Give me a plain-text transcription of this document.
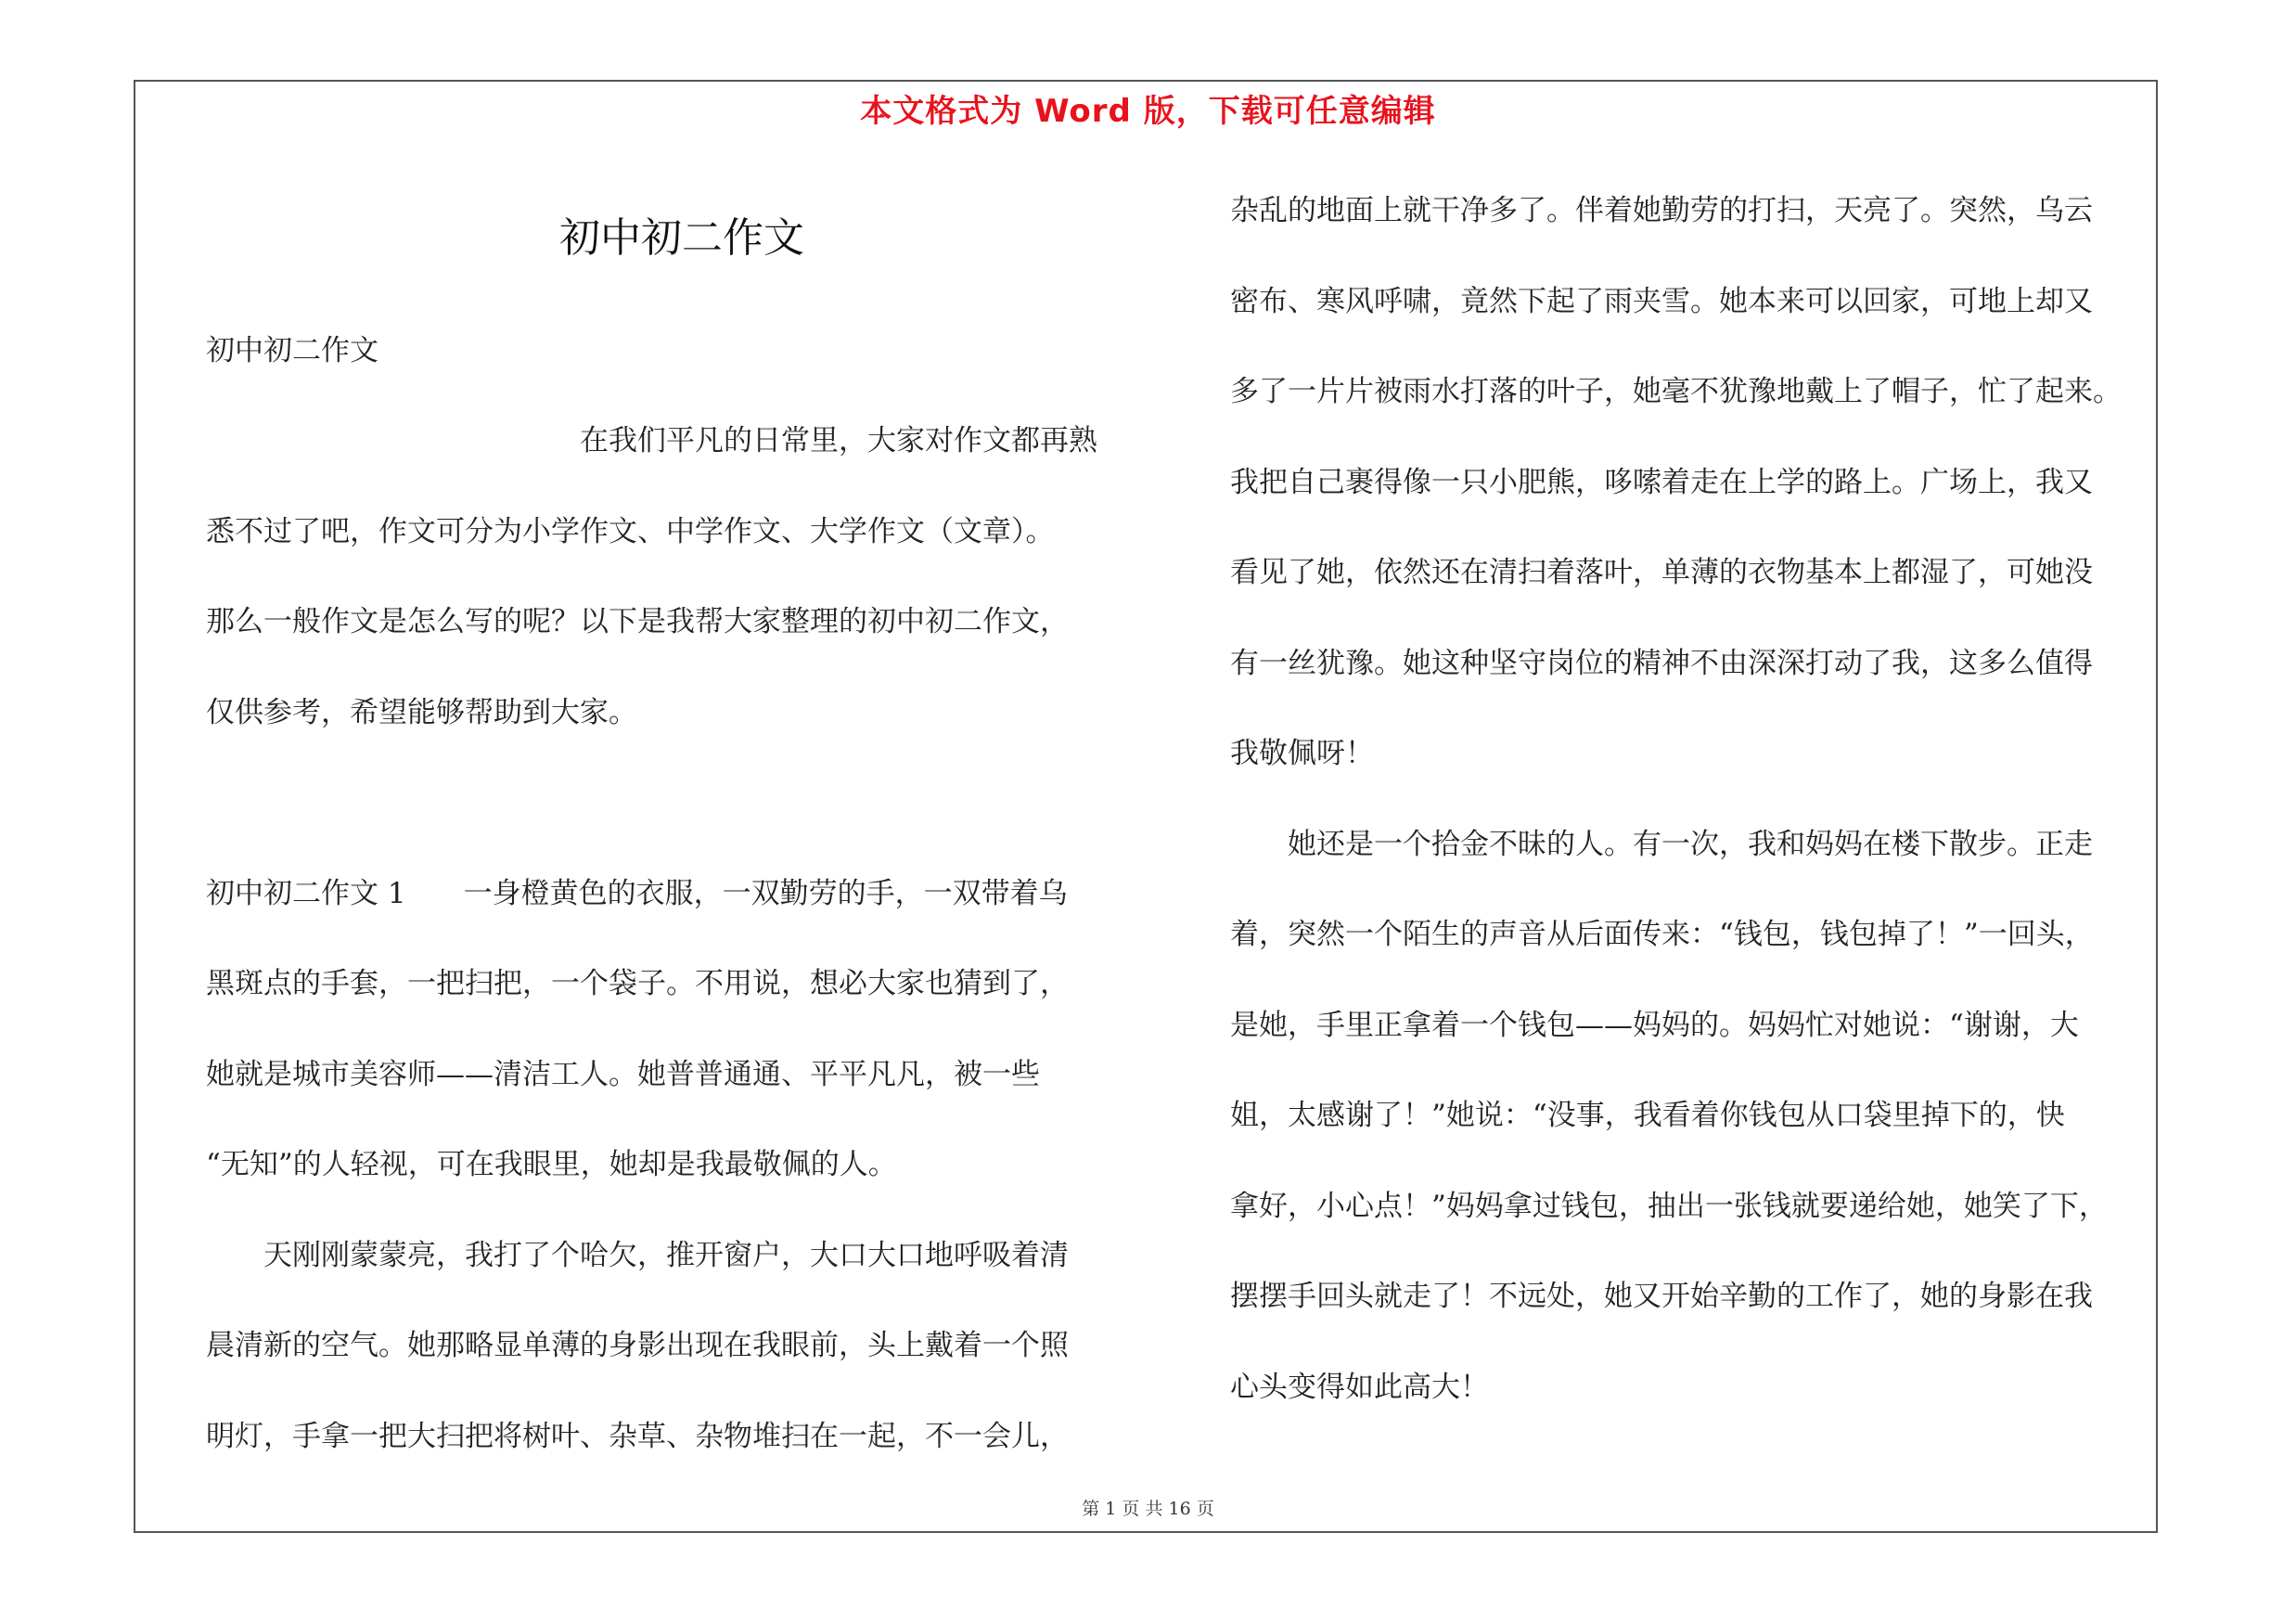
本文格式为 Word 版，下载可任意编辑
初中初二作文
初中初二作文
　　　　　　　　　　　　　在我们平凡的日常里，大家对作文都再熟
悉不过了吧，作文可分为小学作文、中学作文、大学作文（文章）。
那么一般作文是怎么写的呢？以下是我帮大家整理的初中初二作文，
仅供参考，希望能够帮助到大家。
初中初二作文 1　　一身橙黄色的衣服，一双勤劳的手，一双带着乌
黑斑点的手套，一把扫把，一个袋子。不用说，想必大家也猜到了，
她就是城市美容师——清洁工人。她普普通通、平平凡凡，被一些
“无知”的人轻视，可在我眼里，她却是我最敬佩的人。
　　天刚刚蒙蒙亮，我打了个哈欠，推开窗户，大口大口地呼吸着清
晨清新的空气。她那略显单薄的身影出现在我眼前，头上戴着一个照
明灯，手拿一把大扫把将树叶、杂草、杂物堆扫在一起，不一会儿，
杂乱的地面上就干净多了。伴着她勤劳的打扫，天亮了。突然，乌云
密布、寒风呼啸，竟然下起了雨夹雪。她本来可以回家，可地上却又
多了一片片被雨水打落的叶子，她毫不犹豫地戴上了帽子，忙了起来。
我把自己裹得像一只小肥熊，哆嗦着走在上学的路上。广场上，我又
看见了她，依然还在清扫着落叶，单薄的衣物基本上都湿了，可她没
有一丝犹豫。她这种坚守岗位的精神不由深深打动了我，这多么值得
我敬佩呀！
　　她还是一个拾金不昧的人。有一次，我和妈妈在楼下散步。正走
着，突然一个陌生的声音从后面传来：“钱包，钱包掉了！”一回头，
是她，手里正拿着一个钱包——妈妈的。妈妈忙对她说：“谢谢，大
姐，太感谢了！”她说：“没事，我看着你钱包从口袋里掉下的，快
拿好，小心点！”妈妈拿过钱包，抽出一张钱就要递给她，她笑了下，
摆摆手回头就走了！不远处，她又开始辛勤的工作了，她的身影在我
心头变得如此高大！
第 1 页 共 16 页
